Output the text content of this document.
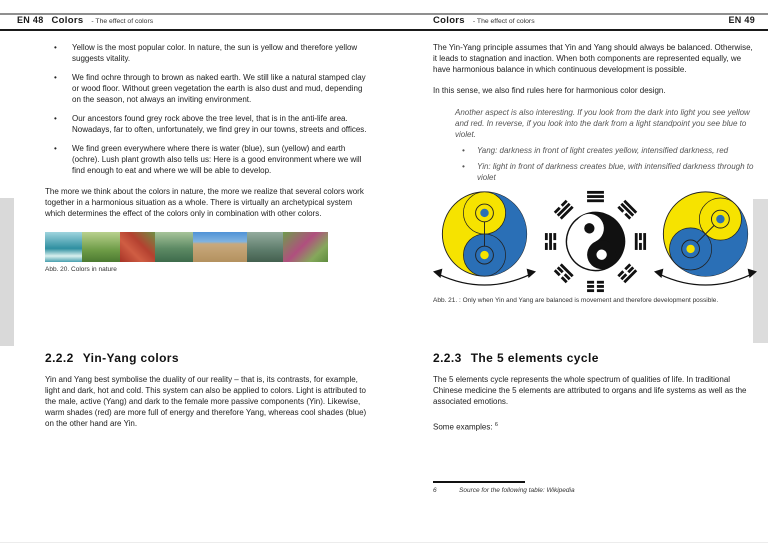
EN 48 Colors - The effect of colors	Colors - The effect of colors	EN 49
• Yellow is the most popular color. In nature, the sun is yellow and therefore yellow suggests vitality.
• We find ochre through to brown as naked earth. We still like a natural stamped clay or wood floor. Without green vegetation the earth is also dust and mud, depending on the season, not always an inviting environment.
• Our ancestors found grey rock above the tree level, that is in the anti-life area. Nowadays, far to often, unfortunately, we find grey in our towns, streets and offices.
• We find green everywhere where there is water (blue), sun (yellow) and earth (ochre). Lush plant growth also tells us: Here is a good environment where we will find enough to eat and where we will be able to develop.

The more we think about the colors in nature, the more we realize that several colors work together in a harmonious situation as a whole. There is virtually an archetypical system which determines the effect of the colors only in combination with other colors.

Abb. 20. Colors in nature
2.2.2 Yin-Yang colors

Yin and Yang best symbolise the duality of our reality – that is, its contrasts, for example, light and dark, hot and cold. This system can also be applied to colors. Light is attributed to the male, active (Yang) and dark to the female more passive components (Yin). Likewise, warm shades (red) are more full of energy and therefore Yang, whereas cool shades (blue) on the other hand are Yin.

The Yin-Yang principle assumes that Yin and Yang should always be balanced. Otherwise, it leads to stagnation and inaction. When both components are represented equally, we have harmonious balance in which continuous development is possible.

In this sense, we also find rules here for harmonious color design.

Another aspect is also interesting. If you look from the dark into light you see yellow and red. In reverse, if you look into the dark from a light standpoint you see blue to violet.

• Yang: darkness in front of light creates yellow, intensified darkness, red
• Yin: light in front of darkness creates blue, with intensified darkness through to violet
Abb. 21. : Only when Yin and Yang are balanced is movement and therefore development possible.
2.2.3 The 5 elements cycle

The 5 elements cycle represents the whole spectrum of qualities of life. In traditional Chinese medicine the 5 elements are attributed to organs and life systems as well as the associated emotions.

Some examples: $^6$

6	Source for the following table: Wikipedia
